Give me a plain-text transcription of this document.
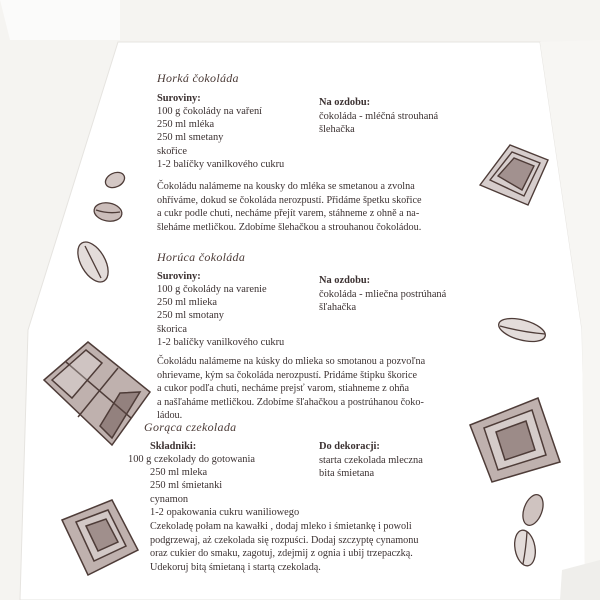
Horká čokoláda
Suroviny:
100 g čokolády na vaření
250 ml mléka
250 ml smetany
skořice
1-2 balíčky vanilkového cukru
Na ozdobu:
čokoláda - mléčná strouhaná
šlehačka
Čokoládu nalámeme na kousky do mléka se smetanou a zvolna
ohříváme, dokud se čokoláda nerozpustí. Přidáme špetku skořice
a cukr podle chuti, necháme přejít varem, stáhneme z ohně a na-
šleháme metličkou. Zdobíme šlehačkou a strouhanou čokoládou.
Horúca čokoláda
Suroviny:
100 g čokolády na varenie
250 ml mlieka
250 ml smotany
škorica
1-2 balíčky vanilkového cukru
Na ozdobu:
čokoláda - mliečna postrúhaná
šľahačka
Čokoládu nalámeme na kúsky do mlieka so smotanou a pozvoľna
ohrievame, kým sa čokoláda nerozpustí. Pridáme štipku škorice
a cukor podľa chuti, necháme prejsť varom, stiahneme z ohňa
a našľaháme metličkou. Zdobíme šľahačkou a postrúhanou čoko-
ládou.
Gorąca czekolada
Składniki:
100 g czekolady do gotowania
250 ml mleka
250 ml śmietanki
cynamon
1-2 opakowania cukru waniliowego
Do dekoracji:
starta czekolada mleczna
bita śmietana
Czekoladę połam na kawałki , dodaj mleko i śmietankę i powoli
podgrzewaj, aż czekolada się rozpuści. Dodaj szczyptę cynamonu
oraz cukier do smaku, zagotuj, zdejmij z ognia i ubij trzepaczką.
Udekoruj bitą śmietaną i startą czekoladą.
